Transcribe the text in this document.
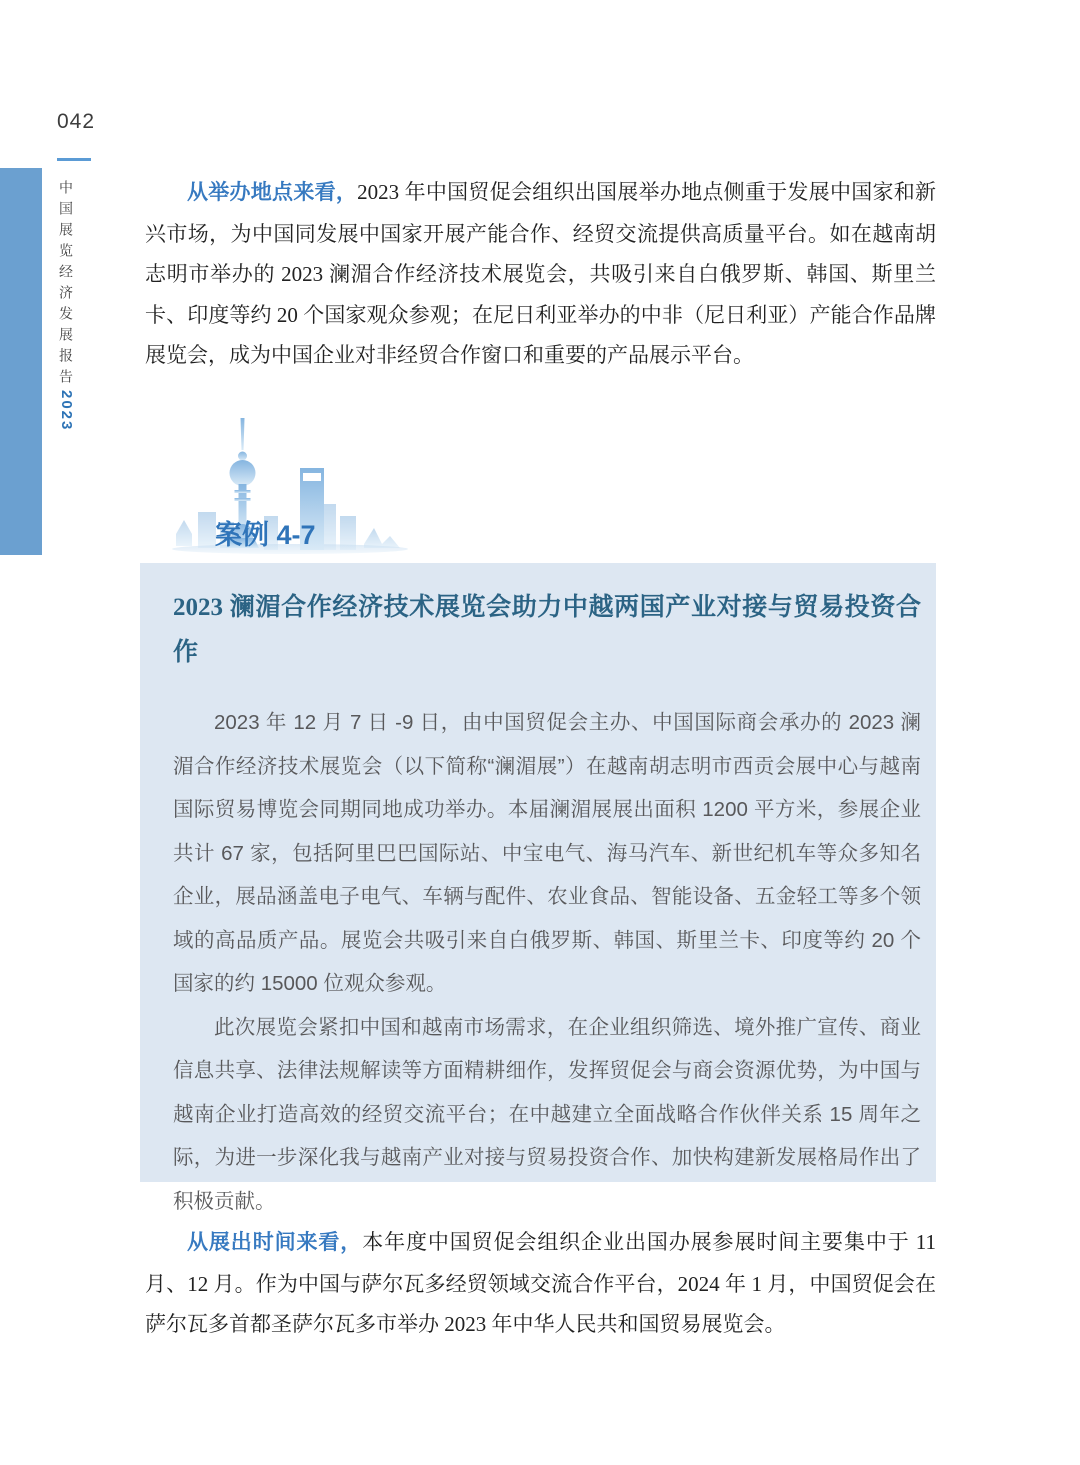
042
中国展览经济发展报告2023

从举办地点来看，2023 年中国贸促会组织出国展举办地点侧重于发展中国家和新兴市场，为中国同发展中国家开展产能合作、经贸交流提供高质量平台。如在越南胡志明市举办的 2023 澜湄合作经济技术展览会，共吸引来自白俄罗斯、韩国、斯里兰卡、印度等约 20 个国家观众参观；在尼日利亚举办的中非（尼日利亚）产能合作品牌展览会，成为中国企业对非经贸合作窗口和重要的产品展示平台。

案例 4-7
2023 澜湄合作经济技术展览会助力中越两国产业对接与贸易投资合作

2023 年 12 月 7 日 -9 日，由中国贸促会主办、中国国际商会承办的 2023 澜湄合作经济技术展览会（以下简称“澜湄展”）在越南胡志明市西贡会展中心与越南国际贸易博览会同期同地成功举办。本届澜湄展展出面积 1200 平方米，参展企业共计 67 家，包括阿里巴巴国际站、中宝电气、海马汽车、新世纪机车等众多知名企业，展品涵盖电子电气、车辆与配件、农业食品、智能设备、五金轻工等多个领域的高品质产品。展览会共吸引来自白俄罗斯、韩国、斯里兰卡、印度等约 20 个国家的约 15000 位观众参观。

此次展览会紧扣中国和越南市场需求，在企业组织筛选、境外推广宣传、商业信息共享、法律法规解读等方面精耕细作，发挥贸促会与商会资源优势，为中国与越南企业打造高效的经贸交流平台；在中越建立全面战略合作伙伴关系 15 周年之际，为进一步深化我与越南产业对接与贸易投资合作、加快构建新发展格局作出了积极贡献。

从展出时间来看，本年度中国贸促会组织企业出国办展参展时间主要集中于 11 月、12 月。作为中国与萨尔瓦多经贸领域交流合作平台，2024 年 1 月，中国贸促会在萨尔瓦多首都圣萨尔瓦多市举办 2023 年中华人民共和国贸易展览会。
